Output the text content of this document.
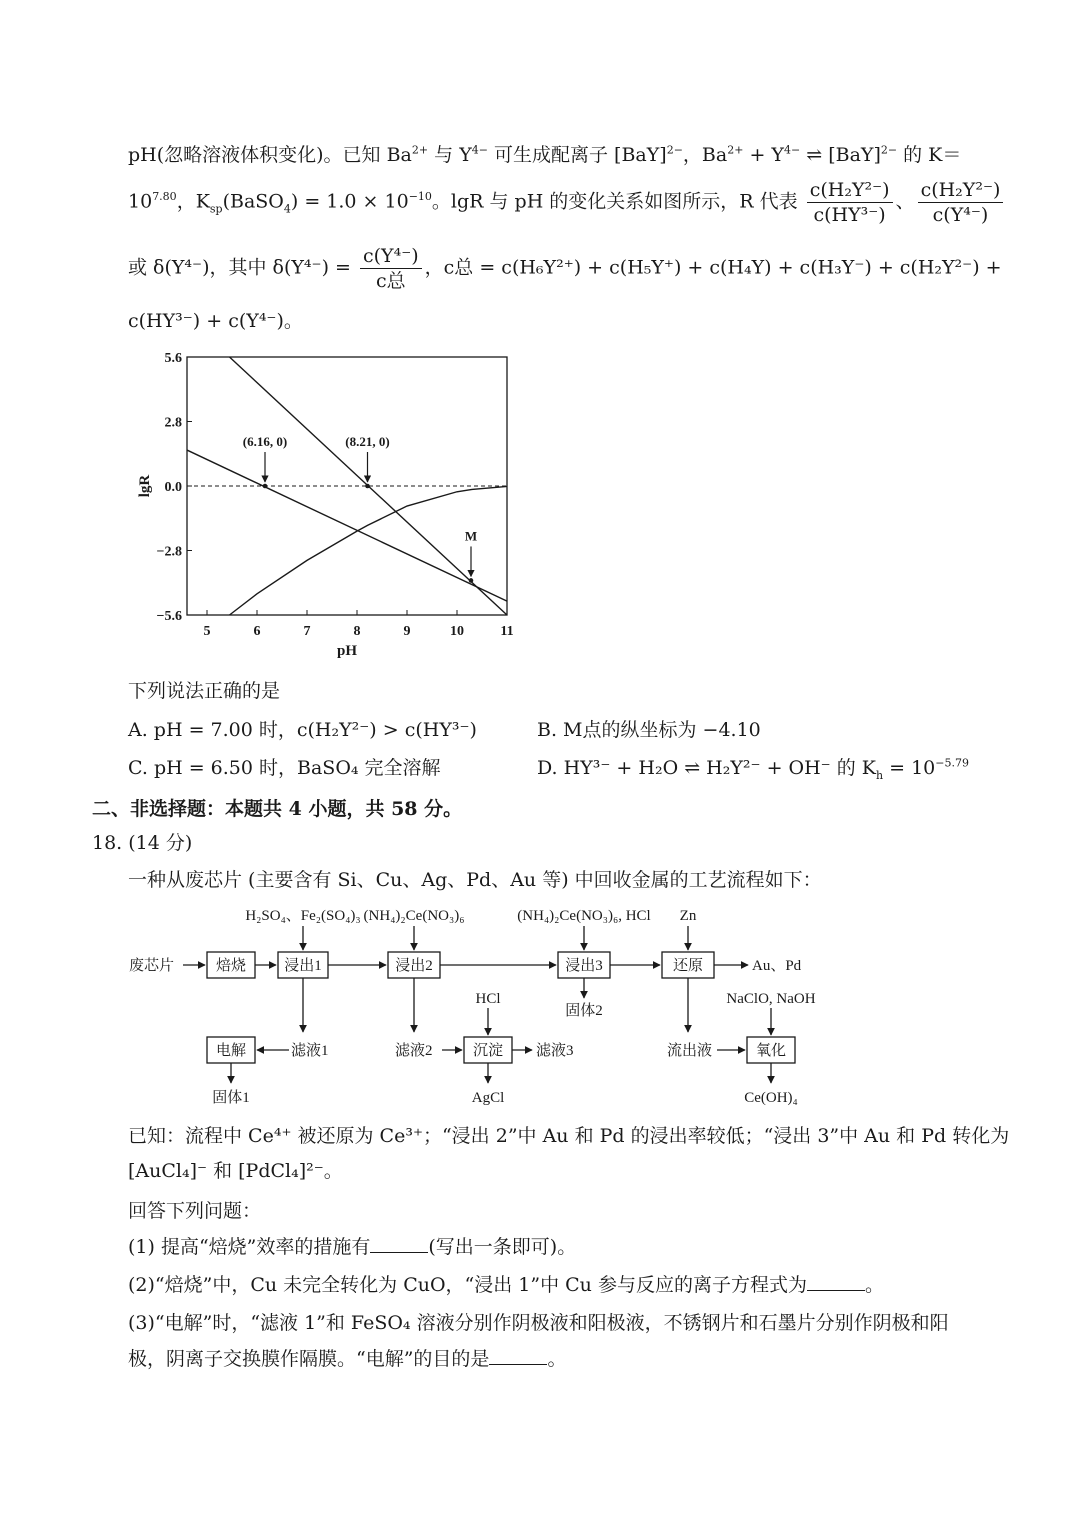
pH(忽略溶液体积变化)。已知 $Ba^{2+}$ 与 $Y^{4-}$ 可生成配离子 [BaY]$^{2-}$，$Ba^{2+} + Y^{4-}$ ⇌ [BaY]$^{2-}$ 的 K＝
$10^{7.80}$，$K_{sp}(BaSO_4) = 1.0 \times 10^{-10}$。lgR 与 pH 的变化关系如图所示，R 代表 $\frac{\text{c(H₂Y²⁻)}}{\text{c(HY³⁻)}}$ 、 $\frac{\text{c(H₂Y²⁻)}}{\text{c(Y⁴⁻)}}$
或 δ(Y⁴⁻)，其中 $\delta(Y^{4-}) = \frac{\text{c(Y⁴⁻)}}{\text{c总}}$ ，c总 = c(H₆Y²⁺) + c(H₅Y⁺) + c(H₄Y) + c(H₃Y⁻) + c(H₂Y²⁻) +
c(HY³⁻) + c(Y⁴⁻)。
5.6
2.8
0.0
−2.8
−5.6
5	6	7	8	9	10	11
pH
lgR
(6.16, 0)	(8.21, 0)
M
下列说法正确的是
A. pH = 7.00 时，c(H₂Y²⁻) > c(HY³⁻)	B. M点的纵坐标为 −4.10
C. pH = 6.50 时，BaSO₄ 完全溶解	D. HY³⁻ + H₂O ⇌ H₂Y²⁻ + OH⁻ 的 $K_h = 10^{-5.79}$
二、非选择题：本题共 4 小题，共 58 分。
18. (14 分)
一种从废芯片 (主要含有 Si、Cu、Ag、Pd、Au 等) 中回收金属的工艺流程如下：
废芯片	焙烧	浸出1	浸出2	浸出3	还原
电解	沉淀	氧化
H₂SO₄、Fe₂(SO₄)₃ (NH₄)₂Ce(NO₃)₆	(NH₄)₂Ce(NO₃)₆, HCl Zn
HCl	NaClO, NaOH
Au、Pd
滤液1	滤液2	滤液3
固体1
固体2
AgCl
流出液
Ce(OH)₄
已知：流程中 Ce⁴⁺ 被还原为 Ce³⁺；“浸出 2”中 Au 和 Pd 的浸出率较低；“浸出 3”中 Au 和 Pd 转化为
[AuCl₄]⁻ 和 [PdCl₄]²⁻。
回答下列问题：
(1) 提高“焙烧”效率的措施有	(写出一条即可)。
(2)“焙烧”中，Cu 未完全转化为 CuO，“浸出 1”中 Cu 参与反应的离子方程式为	。
(3)“电解”时，“滤液 1”和 FeSO₄ 溶液分别作阴极液和阳极液，不锈钢片和石墨片分别作阴极和阳
极，阴离子交换膜作隔膜。“电解”的目的是	。
